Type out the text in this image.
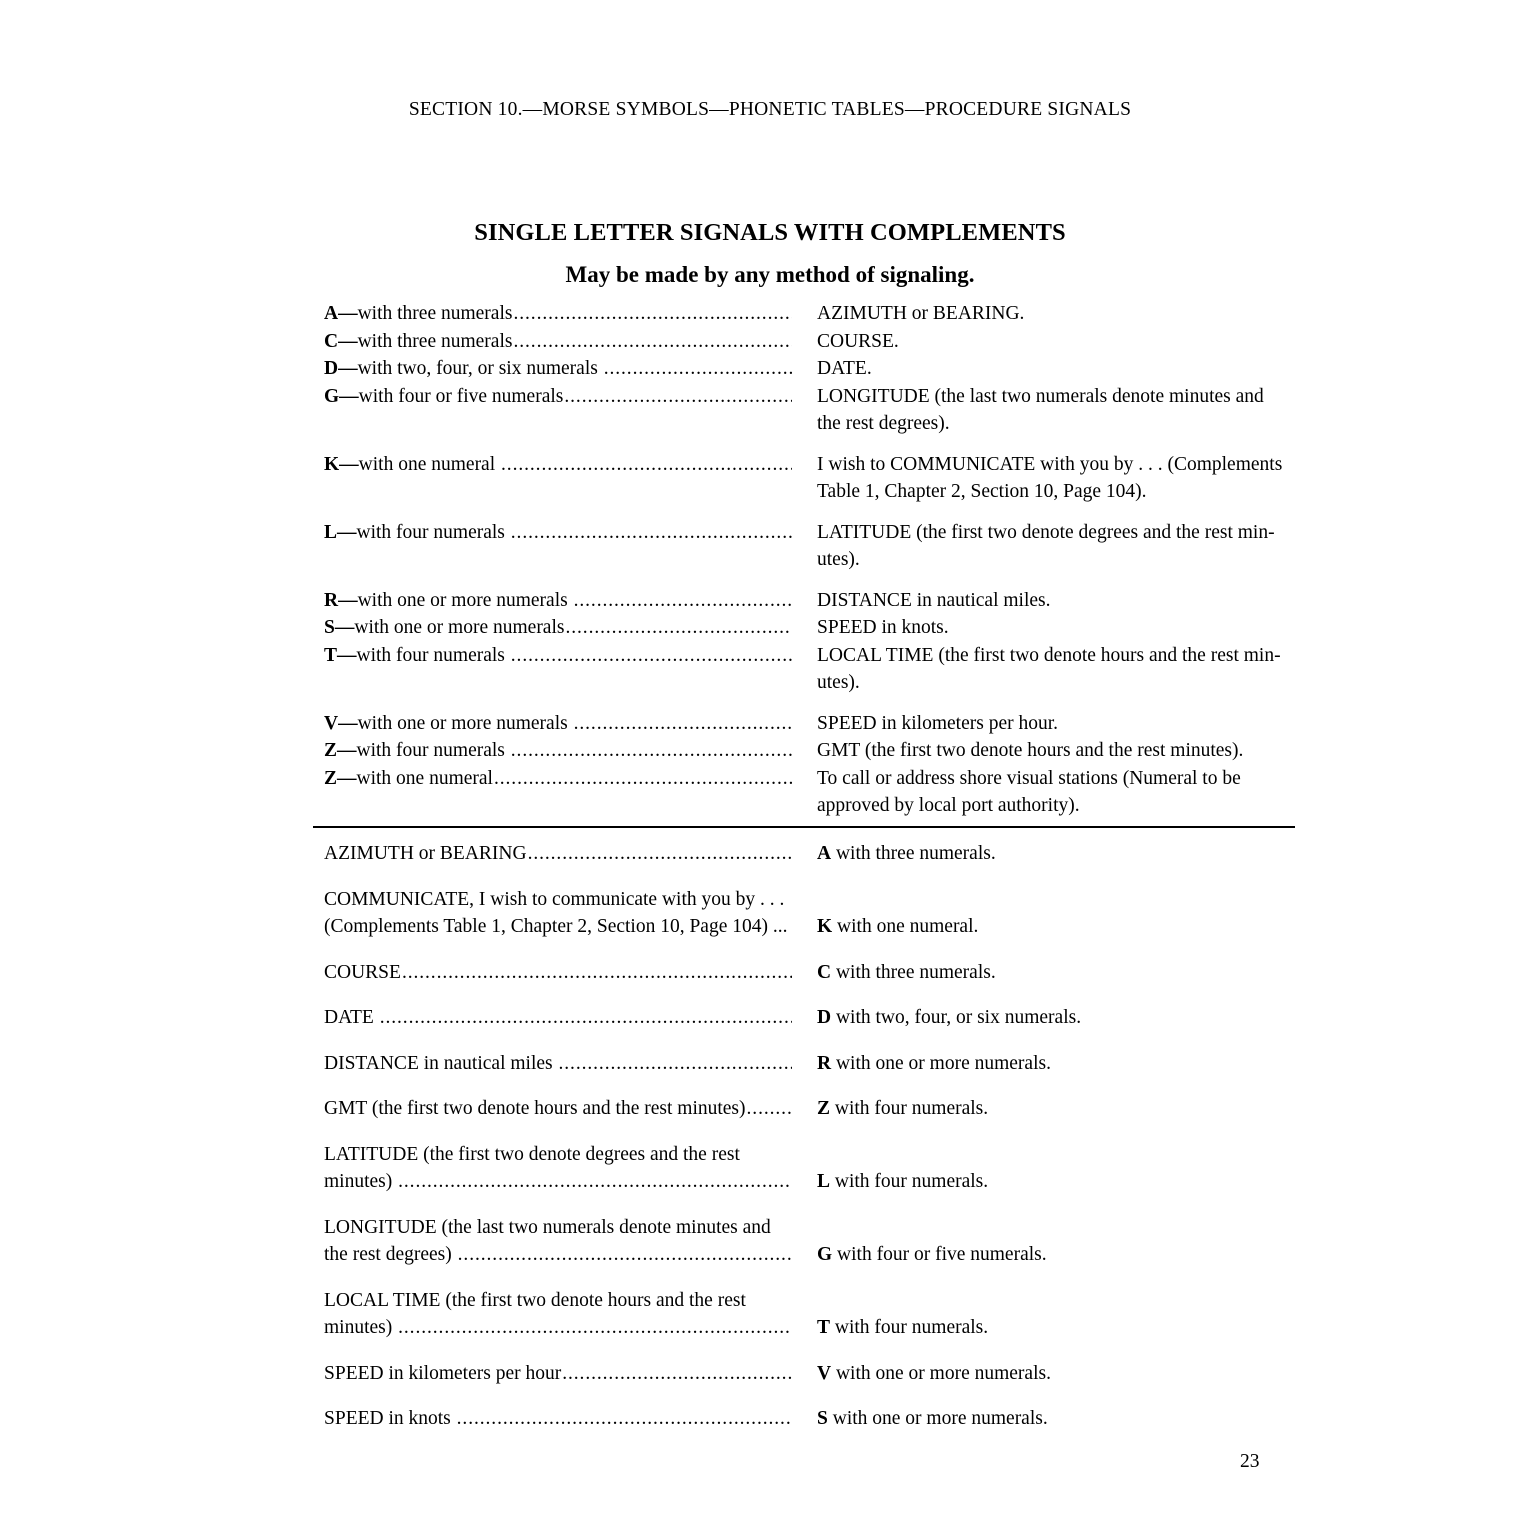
SECTION 10.—MORSE SYMBOLS—PHONETIC TABLES—PROCEDURE SIGNALS
SINGLE LETTER SIGNALS WITH COMPLEMENTS
May be made by any method of signaling.
A—with three numerals .....	AZIMUTH or BEARING.
C—with three numerals .....	COURSE.
D—with two, four, or six numerals .....	DATE.
G—with four or five numerals .....	LONGITUDE (the last two numerals denote minutes and
the rest degrees).
K—with one numeral .....	I wish to COMMUNICATE with you by . . . (Complements
Table 1, Chapter 2, Section 10, Page 104).
L—with four numerals .....	LATITUDE (the first two denote degrees and the rest min-
utes).
R—with one or more numerals .....	DISTANCE in nautical miles.
S—with one or more numerals .....	SPEED in knots.
T—with four numerals .....	LOCAL TIME (the first two denote hours and the rest min-
utes).
V—with one or more numerals .....	SPEED in kilometers per hour.
Z—with four numerals .....	GMT (the first two denote hours and the rest minutes).
Z—with one numeral .....	To call or address shore visual stations (Numeral to be
approved by local port authority).
AZIMUTH or BEARING .....	A with three numerals.
COMMUNICATE, I wish to communicate with you by . . .
(Complements Table 1, Chapter 2, Section 10, Page 104) ... K with one numeral.
COURSE .....	C with three numerals.
DATE .....	D with two, four, or six numerals.
DISTANCE in nautical miles .....	R with one or more numerals.
GMT (the first two denote hours and the rest minutes) .....	Z with four numerals.
LATITUDE (the first two denote degrees and the rest
minutes) .....	L with four numerals.
LONGITUDE (the last two numerals denote minutes and
the rest degrees) .....	G with four or five numerals.
LOCAL TIME (the first two denote hours and the rest
minutes) .....	T with four numerals.
SPEED in kilometers per hour .....	V with one or more numerals.
SPEED in knots .....	S with one or more numerals.
23
